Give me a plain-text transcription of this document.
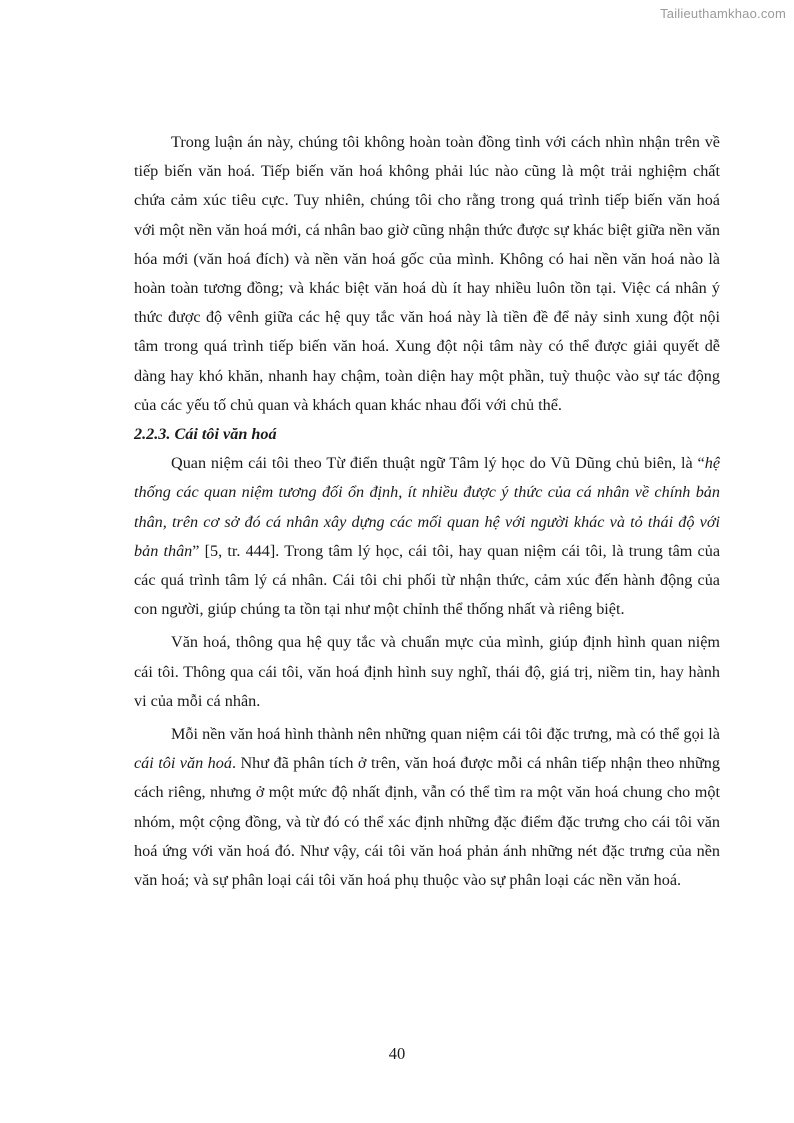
Tailieuthamkhao.com

Trong luận án này, chúng tôi không hoàn toàn đồng tình với cách nhìn nhận trên về tiếp biến văn hoá. Tiếp biến văn hoá không phải lúc nào cũng là một trải nghiệm chất chứa cảm xúc tiêu cực. Tuy nhiên, chúng tôi cho rằng trong quá trình tiếp biến văn hoá với một nền văn hoá mới, cá nhân bao giờ cũng nhận thức được sự khác biệt giữa nền văn hóa mới (văn hoá đích) và nền văn hoá gốc của mình. Không có hai nền văn hoá nào là hoàn toàn tương đồng; và khác biệt văn hoá dù ít hay nhiều luôn tồn tại. Việc cá nhân ý thức được độ vênh giữa các hệ quy tắc văn hoá này là tiền đề để nảy sinh xung đột nội tâm trong quá trình tiếp biến văn hoá. Xung đột nội tâm này có thể được giải quyết dễ dàng hay khó khăn, nhanh hay chậm, toàn diện hay một phần, tuỳ thuộc vào sự tác động của các yếu tố chủ quan và khách quan khác nhau đối với chủ thể.

2.2.3. Cái tôi văn hoá

Quan niệm cái tôi theo Từ điển thuật ngữ Tâm lý học do Vũ Dũng chủ biên, là “hệ thống các quan niệm tương đối ổn định, ít nhiều được ý thức của cá nhân về chính bản thân, trên cơ sở đó cá nhân xây dựng các mối quan hệ với người khác và tỏ thái độ với bản thân” [5, tr. 444]. Trong tâm lý học, cái tôi, hay quan niệm cái tôi, là trung tâm của các quá trình tâm lý cá nhân. Cái tôi chi phối từ nhận thức, cảm xúc đến hành động của con người, giúp chúng ta tồn tại như một chỉnh thể thống nhất và riêng biệt.

Văn hoá, thông qua hệ quy tắc và chuẩn mực của mình, giúp định hình quan niệm cái tôi. Thông qua cái tôi, văn hoá định hình suy nghĩ, thái độ, giá trị, niềm tin, hay hành vi của mỗi cá nhân.

Mỗi nền văn hoá hình thành nên những quan niệm cái tôi đặc trưng, mà có thể gọi là cái tôi văn hoá. Như đã phân tích ở trên, văn hoá được mỗi cá nhân tiếp nhận theo những cách riêng, nhưng ở một mức độ nhất định, vẫn có thể tìm ra một văn hoá chung cho một nhóm, một cộng đồng, và từ đó có thể xác định những đặc điểm đặc trưng cho cái tôi văn hoá ứng với văn hoá đó. Như vậy, cái tôi văn hoá phản ánh những nét đặc trưng của nền văn hoá; và sự phân loại cái tôi văn hoá phụ thuộc vào sự phân loại các nền văn hoá.

40
